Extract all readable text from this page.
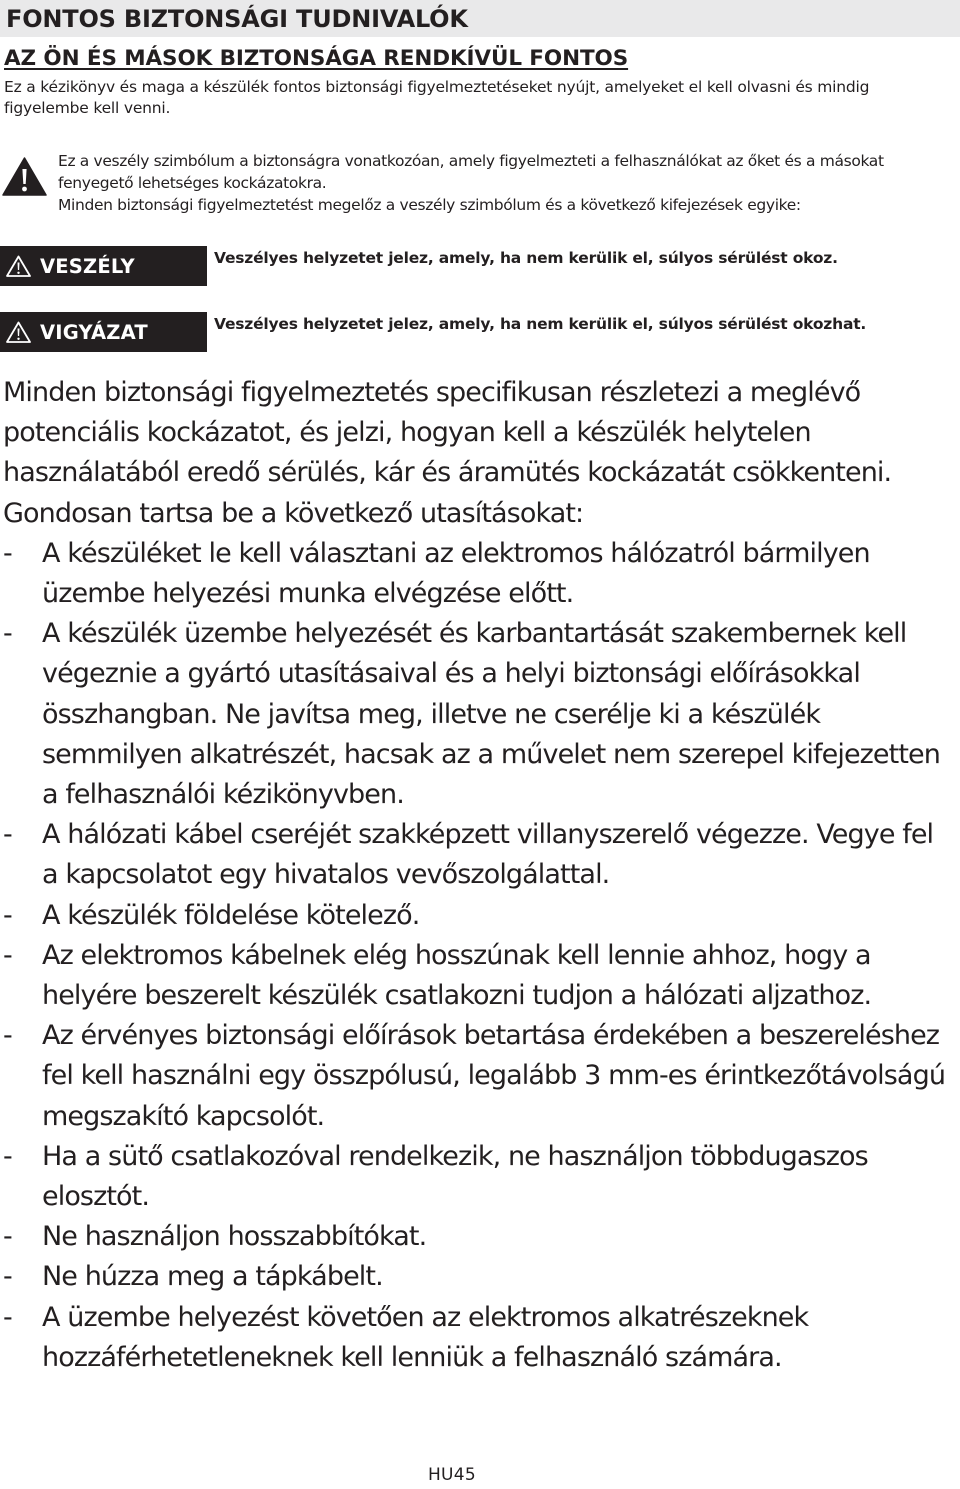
FONTOS BIZTONSÁGI TUDNIVALÓK
AZ ÖN ÉS MÁSOK BIZTONSÁGA RENDKÍVÜL FONTOS

Ez a kézikönyv és maga a készülék fontos biztonsági figyelmeztetéseket nyújt, amelyeket el kell olvasni és mindig figyelembe kell venni.

Ez a veszély szimbólum a biztonságra vonatkozóan, amely figyelmezteti a felhasználókat az őket és a másokat fenyegető lehetséges kockázatokra.

Minden biztonsági figyelmeztetést megelőz a veszély szimbólum és a következő kifejezések egyike:

VESZÉLY	Veszélyes helyzetet jelez, amely, ha nem kerülik el, súlyos sérülést okoz.

VIGYÁZAT	Veszélyes helyzetet jelez, amely, ha nem kerülik el, súlyos sérülést okozhat.

Minden biztonsági figyelmeztetés specifikusan részletezi a meglévő potenciális kockázatot, és jelzi, hogyan kell a készülék helytelen használatából eredő sérülés, kár és áramütés kockázatát csökkenteni.

Gondosan tartsa be a következő utasításokat:

- A készüléket le kell választani az elektromos hálózatról bármilyen üzembe helyezési munka elvégzése előtt.
- A készülék üzembe helyezését és karbantartását szakembernek kell végeznie a gyártó utasításaival és a helyi biztonsági előírásokkal összhangban. Ne javítsa meg, illetve ne cserélje ki a készülék semmilyen alkatrészét, hacsak az a művelet nem szerepel kifejezetten a felhasználói kézikönyvben.
- A hálózati kábel cseréjét szakképzett villanyszerelő végezze. Vegye fel a kapcsolatot egy hivatalos vevőszolgálattal.
- A készülék földelése kötelező.
- Az elektromos kábelnek elég hosszúnak kell lennie ahhoz, hogy a helyére beszerelt készülék csatlakozni tudjon a hálózati aljzathoz.
- Az érvényes biztonsági előírások betartása érdekében a beszereléshez fel kell használni egy összpólusú, legalább 3 mm-es érintkezőtávolságú megszakító kapcsolót.
- Ha a sütő csatlakozóval rendelkezik, ne használjon többdugaszos elosztót.
- Ne használjon hosszabbítókat.
- Ne húzza meg a tápkábelt.
- A üzembe helyezést követően az elektromos alkatrészeknek hozzáférhetetleneknek kell lenniük a felhasználó számára.
HU45
